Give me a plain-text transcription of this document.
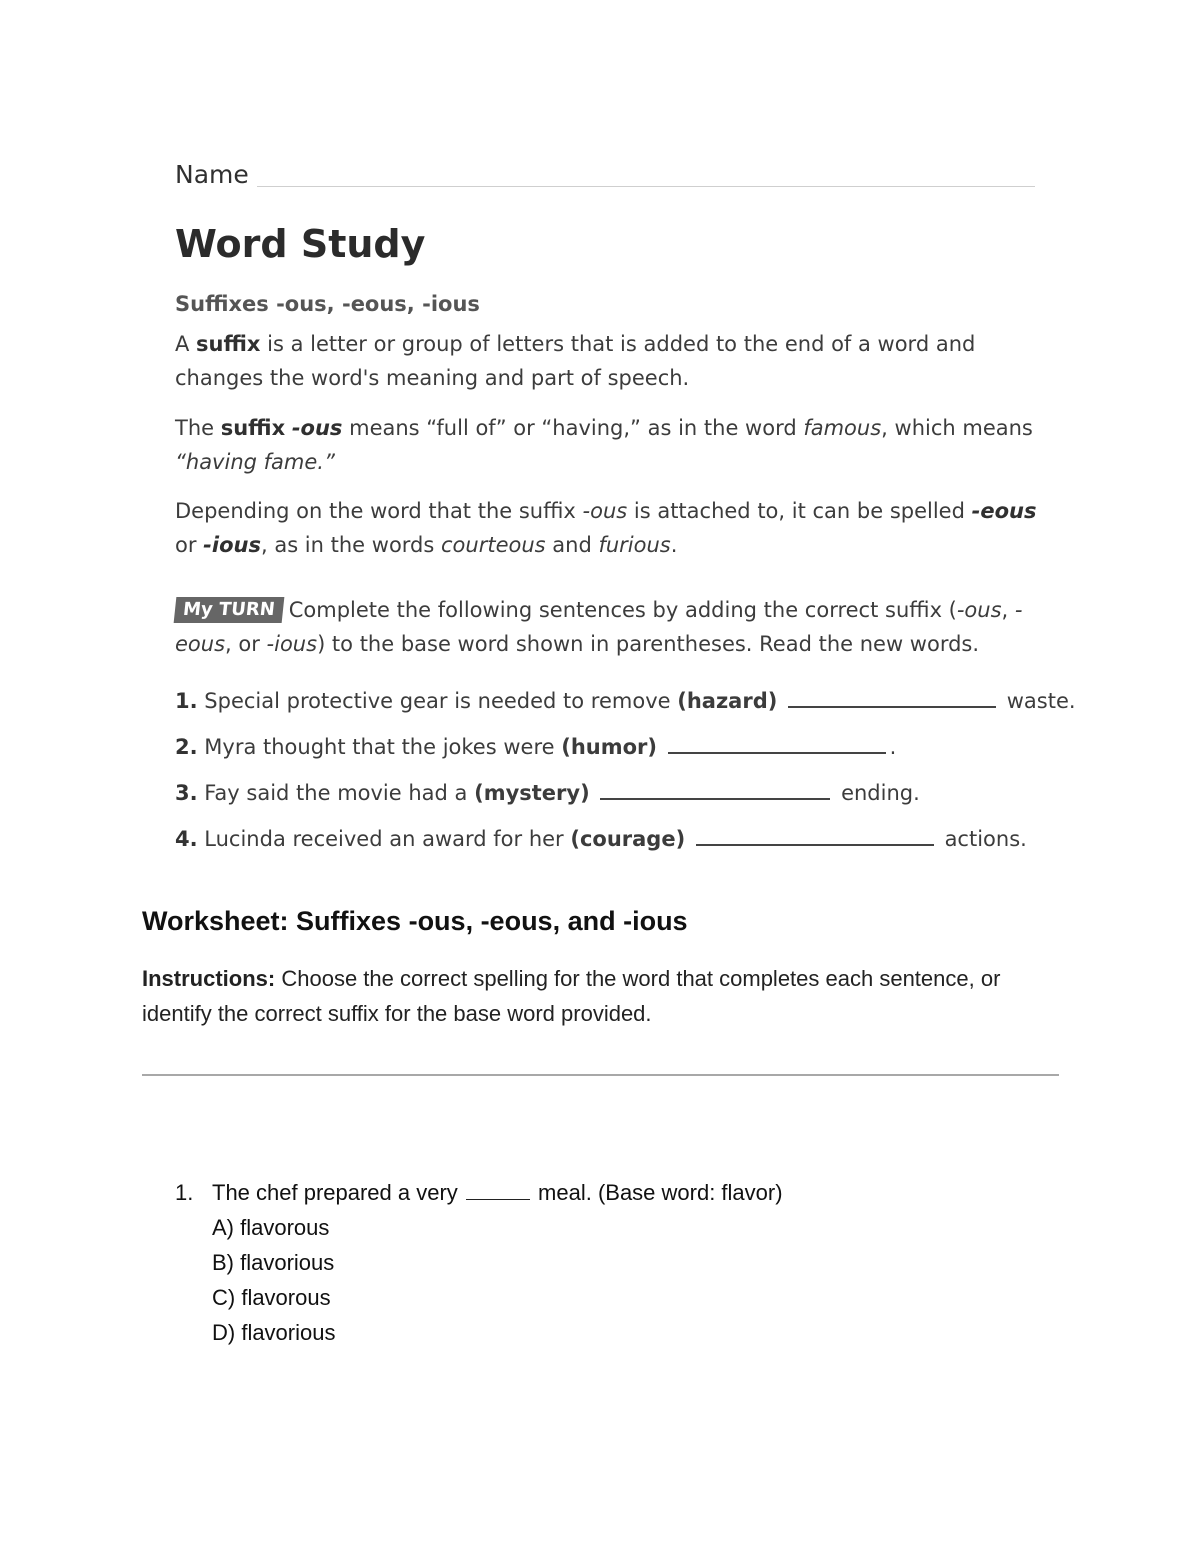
Name
Word Study
Suffixes -ous, -eous, -ious
A suffix is a letter or group of letters that is added to the end of a word and changes the word's meaning and part of speech.
The suffix -ous means “full of” or “having,” as in the word famous, which means “having fame.”
Depending on the word that the suffix -ous is attached to, it can be spelled -eous or -ious, as in the words courteous and furious.
My TURN Complete the following sentences by adding the correct suffix (-ous, -eous, or -ious) to the base word shown in parentheses. Read the new words.
1. Special protective gear is needed to remove (hazard)	waste.
2. Myra thought that the jokes were (humor)	.
3. Fay said the movie had a (mystery)	ending.
4. Lucinda received an award for her (courage)	actions.
Worksheet: Suffixes -ous, -eous, and -ious
Instructions: Choose the correct spelling for the word that completes each sentence, or identify the correct suffix for the base word provided.
1. The chef prepared a very	meal. (Base word: flavor)
A) flavorous
B) flavorious
C) flavorous
D) flavorious
